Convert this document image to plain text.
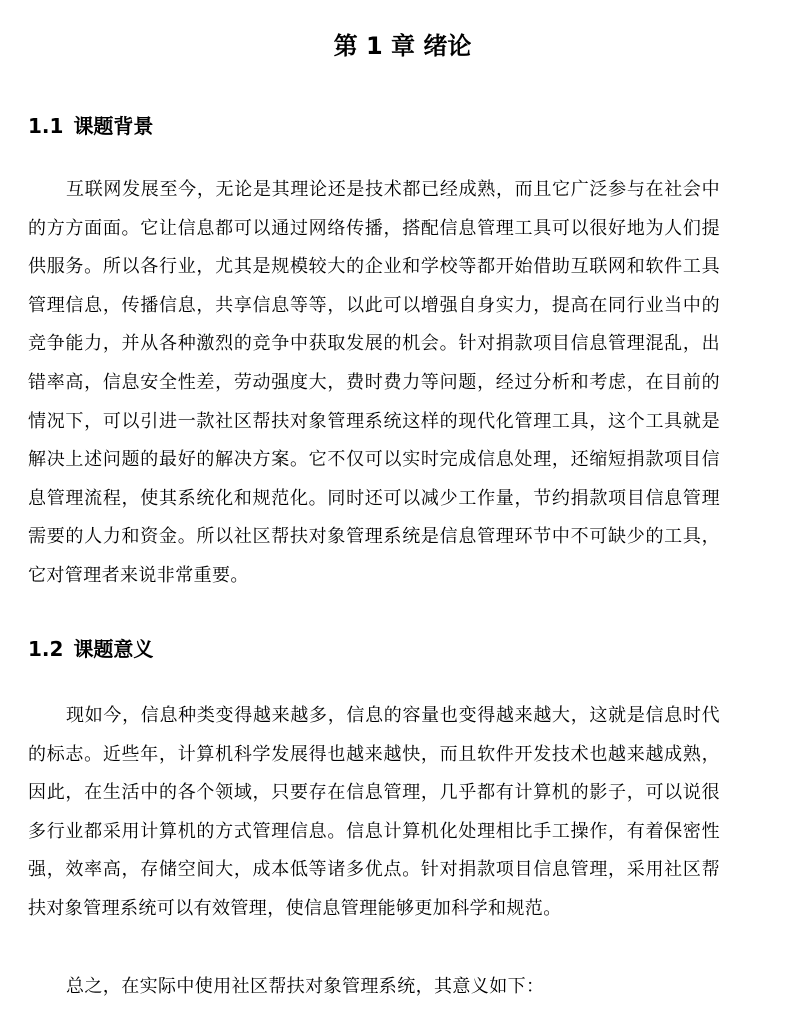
第 1 章 绪论
1.1 课题背景

互联网发展至今，无论是其理论还是技术都已经成熟，而且它广泛参与在社会中的方方面面。它让信息都可以通过网络传播，搭配信息管理工具可以很好地为人们提供服务。所以各行业，尤其是规模较大的企业和学校等都开始借助互联网和软件工具管理信息，传播信息，共享信息等等，以此可以增强自身实力，提高在同行业当中的竞争能力，并从各种激烈的竞争中获取发展的机会。针对捐款项目信息管理混乱，出错率高，信息安全性差，劳动强度大，费时费力等问题，经过分析和考虑，在目前的情况下，可以引进一款社区帮扶对象管理系统这样的现代化管理工具，这个工具就是解决上述问题的最好的解决方案。它不仅可以实时完成信息处理，还缩短捐款项目信息管理流程，使其系统化和规范化。同时还可以减少工作量，节约捐款项目信息管理需要的人力和资金。所以社区帮扶对象管理系统是信息管理环节中不可缺少的工具，它对管理者来说非常重要。

1.2 课题意义

现如今，信息种类变得越来越多，信息的容量也变得越来越大，这就是信息时代的标志。近些年，计算机科学发展得也越来越快，而且软件开发技术也越来越成熟，因此，在生活中的各个领域，只要存在信息管理，几乎都有计算机的影子，可以说很多行业都采用计算机的方式管理信息。信息计算机化处理相比手工操作，有着保密性强，效率高，存储空间大，成本低等诸多优点。针对捐款项目信息管理，采用社区帮扶对象管理系统可以有效管理，使信息管理能够更加科学和规范。

总之，在实际中使用社区帮扶对象管理系统，其意义如下：
